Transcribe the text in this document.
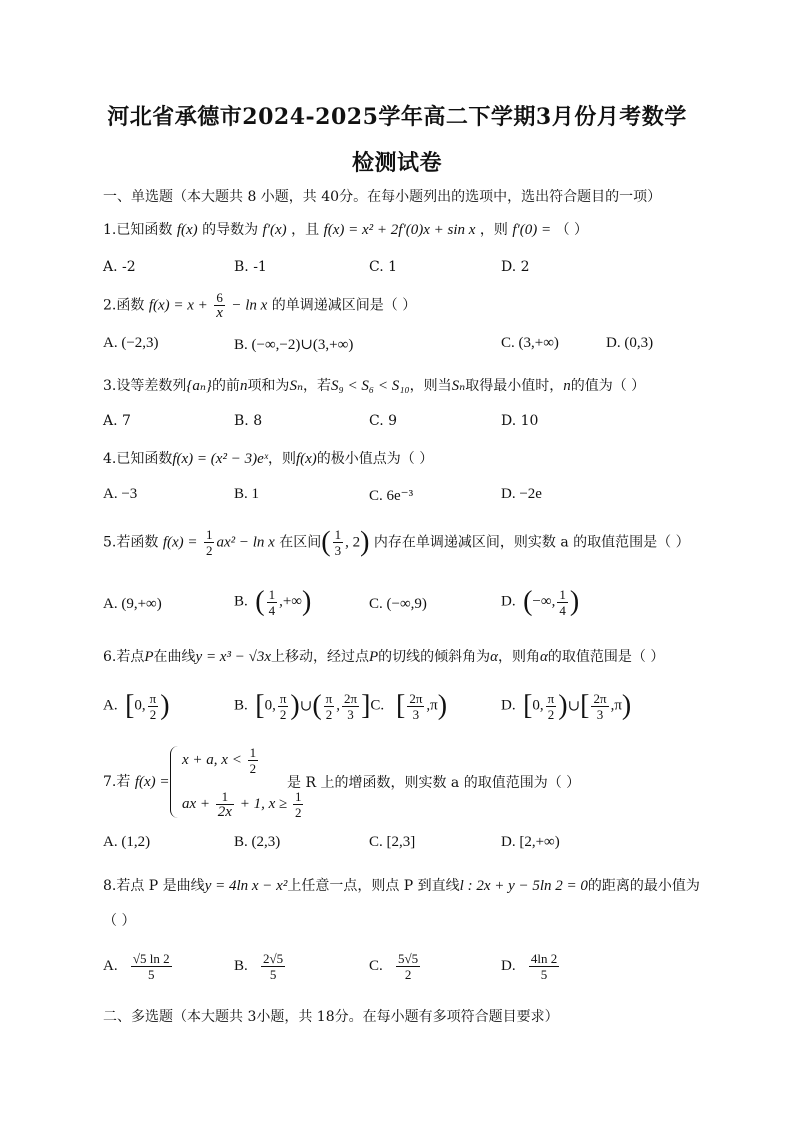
河北省承德市2024-2025学年高二下学期3月份月考数学
检测试卷
一、单选题（本大题共 8 小题，共 40分。在每小题列出的选项中，选出符合题目的一项）
1.已知函数 f(x) 的导数为 f′(x) ，且 f(x) = x² + 2f′(0)x + sin x ，则 f′(0) = （ ）
A. -2	B. -1	C. 1	D. 2
2.函数 $f(x) = x + \frac{6}{x} - \ln x$ 的单调递减区间是（ ）
A. (−2,3)	B. (−∞,−2)∪(3,+∞)	C. (3,+∞)	D. (0,3)
3.设等差数列{aₙ}的前n项和为Sₙ，若S₉ < S₆ < S₁₀，则当Sₙ取得最小值时，n的值为（ ）
A. 7	B. 8	C. 9	D. 10
4.已知函数f(x) = (x² − 3)eˣ，则f(x)的极小值点为（ ）
A. −3	B. 1	C. 6e⁻³	D. −2e
5.若函数 $f(x) = \frac{1}{2} ax^2 - \ln x$ 在区间( $\frac{1}{3}$ , 2) 内存在单调递减区间，则实数 a 的取值范围是（ ）
A. (9,+∞)	B. ( $\frac{1}{4}$ ,+∞)	C. (−∞,9)	D. (−∞, $\frac{1}{4}$ )
6.若点P在曲线y = x³ − √3x上移动，经过点P的切线的倾斜角为α，则角α的取值范围是（ ）
A. [0, $\frac{\pi}{2}$ )	B. [0, $\frac{\pi}{2}$ )∪( $\frac{\pi}{2}$ , $\frac{2\pi}{3} ]C$. [ $\frac{2\pi}{3} ,\pi$)	D. [0, $\frac{\pi}{2}$ )∪[ $\frac{2\pi}{3} ,\pi$)
7.若 f(x) =
x + a, $x < \frac{1}{2}$
ax + $\frac{1}{2x} + 1$, $x \ge \frac{1}{2}$
是 R 上的增函数，则实数 a 的取值范围为（ ）
A. (1,2)	B. (2,3)	C. [2,3]	D. [2,+∞)
8.若点 P 是曲线y = 4ln x − x²上任意一点，则点 P 到直线l : 2x + y − 5ln 2 = 0的距离的最小值为
（ ）
A. $\frac{√5 \ln 2}{5}$	B. $\frac{2√5}{5}$	C. $\frac{5√5}{2}$	D. $\frac{4\ln 2}{5}$
二、多选题（本大题共 3小题，共 18分。在每小题有多项符合题目要求）
